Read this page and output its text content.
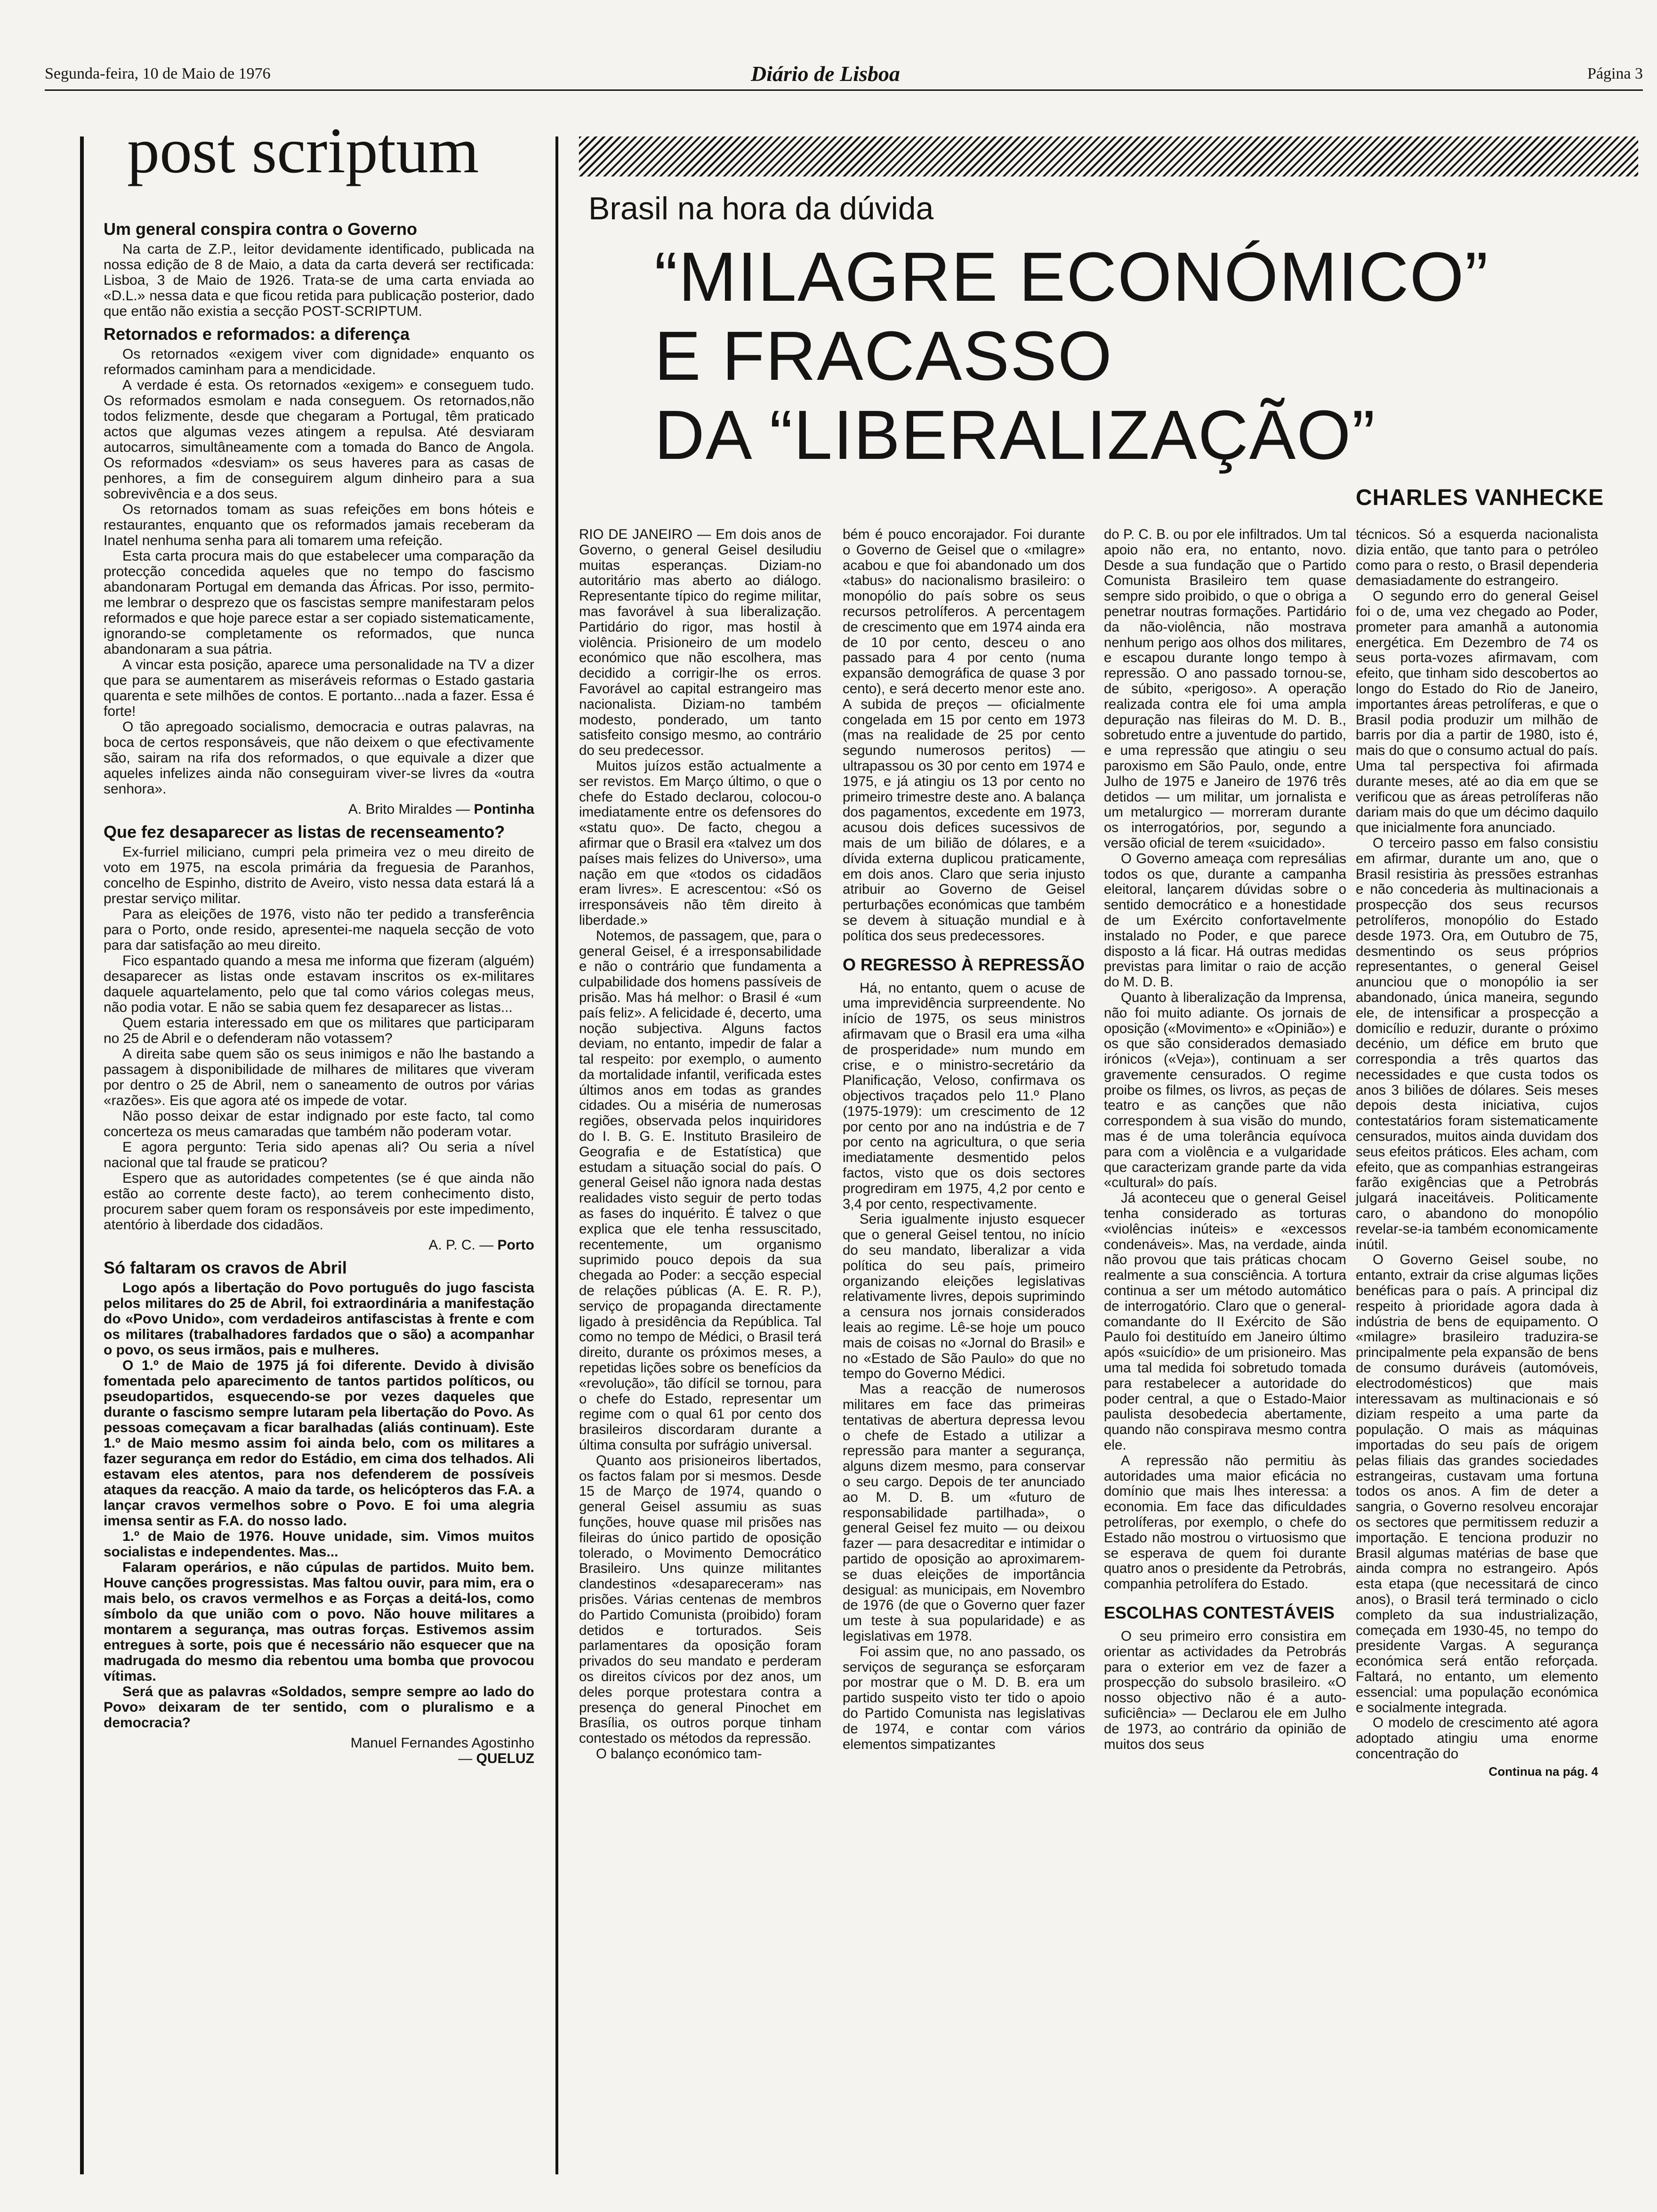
Segunda-feira, 10 de Maio de 1976	Diário de Lisboa	Página 3
post scriptum
Um general conspira contra o Governo

Na carta de Z.P., leitor devidamente identificado, publicada na nossa edição de 8 de Maio, a data da carta deverá ser rectificada: Lisboa, 3 de Maio de 1926. Trata-se de uma carta enviada ao «D.L.» nessa data e que ficou retida para publicação posterior, dado que então não existia a secção POST-SCRIPTUM.

Retornados e reformados: a diferença

Os retornados «exigem viver com dignidade» enquanto os reformados caminham para a mendicidade.

A verdade é esta. Os retornados «exigem» e conseguem tudo. Os reformados esmolam e nada conseguem. Os retornados,não todos felizmente, desde que chegaram a Portugal, têm praticado actos que algumas vezes atingem a repulsa. Até desviaram autocarros, simultâneamente com a tomada do Banco de Angola. Os reformados «desviam» os seus haveres para as casas de penhores, a fim de conseguirem algum dinheiro para a sua sobrevivência e a dos seus.

Os retornados tomam as suas refeições em bons hóteis e restaurantes, enquanto que os reformados jamais receberam da Inatel nenhuma senha para ali tomarem uma refeição.

Esta carta procura mais do que estabelecer uma comparação da protecção concedida aqueles que no tempo do fascismo abandonaram Portugal em demanda das Áfricas. Por isso, permito-me lembrar o desprezo que os fascistas sempre manifestaram pelos reformados e que hoje parece estar a ser copiado sistematicamente, ignorando-se completamente os reformados, que nunca abandonaram a sua pátria.

A vincar esta posição, aparece uma personalidade na TV a dizer que para se aumentarem as miseráveis reformas o Estado gastaria quarenta e sete milhões de contos. E portanto...nada a fazer. Essa é forte!

O tão apregoado socialismo, democracia e outras palavras, na boca de certos responsáveis, que não deixem o que efectivamente são, sairam na rifa dos reformados, o que equivale a dizer que aqueles infelizes ainda não conseguiram viver-se livres da «outra senhora».

A. Brito Miraldes — Pontinha
Que fez desaparecer as listas de recenseamento?

Ex-furriel miliciano, cumpri pela primeira vez o meu direito de voto em 1975, na escola primária da freguesia de Paranhos, concelho de Espinho, distrito de Aveiro, visto nessa data estará lá a prestar serviço militar.

Para as eleições de 1976, visto não ter pedido a transferência para o Porto, onde resido, apresentei-me naquela secção de voto para dar satisfação ao meu direito.

Fico espantado quando a mesa me informa que fizeram (alguém) desaparecer as listas onde estavam inscritos os ex-militares daquele aquartelamento, pelo que tal como vários colegas meus, não podia votar. E não se sabia quem fez desaparecer as listas...

Quem estaria interessado em que os militares que participaram no 25 de Abril e o defenderam não votassem?

A direita sabe quem são os seus inimigos e não lhe bastando a passagem à disponibilidade de milhares de militares que viveram por dentro o 25 de Abril, nem o saneamento de outros por várias «razões». Eis que agora até os impede de votar.

Não posso deixar de estar indignado por este facto, tal como concerteza os meus camaradas que também não poderam votar.

E agora pergunto: Teria sido apenas ali? Ou seria a nível nacional que tal fraude se praticou?

Espero que as autoridades competentes (se é que ainda não estão ao corrente deste facto), ao terem conhecimento disto, procurem saber quem foram os responsáveis por este impedimento, atentório à liberdade dos cidadãos.

A. P. C. — Porto
Só faltaram os cravos de Abril

Logo após a libertação do Povo português do jugo fascista pelos militares do 25 de Abril, foi extraordinária a manifestação do «Povo Unido», com verdadeiros antifascistas à frente e com os militares (trabalhadores fardados que o são) a acompanhar o povo, os seus irmãos, pais e mulheres.

O 1.º de Maio de 1975 já foi diferente. Devido à divisão fomentada pelo aparecimento de tantos partidos políticos, ou pseudopartidos, esquecendo-se por vezes daqueles que durante o fascismo sempre lutaram pela libertação do Povo. As pessoas começavam a ficar baralhadas (aliás continuam). Este 1.º de Maio mesmo assim foi ainda belo, com os militares a fazer segurança em redor do Estádio, em cima dos telhados. Ali estavam eles atentos, para nos defenderem de possíveis ataques da reacção. A maio da tarde, os helicópteros das F.A. a lançar cravos vermelhos sobre o Povo. E foi uma alegria imensa sentir as F.A. do nosso lado.

1.º de Maio de 1976. Houve unidade, sim. Vimos muitos socialistas e independentes. Mas...

Falaram operários, e não cúpulas de partidos. Muito bem. Houve canções progressistas. Mas faltou ouvir, para mim, era o mais belo, os cravos vermelhos e as Forças a deitá-los, como símbolo da que união com o povo. Não houve militares a montarem a segurança, mas outras forças. Estivemos assim entregues à sorte, pois que é necessário não esquecer que na madrugada do mesmo dia rebentou uma bomba que provocou vítimas.

Será que as palavras «Soldados, sempre sempre ao lado do Povo» deixaram de ter sentido, com o pluralismo e a democracia?

Manuel Fernandes Agostinho
— QUELUZ
Brasil na hora da dúvida
“MILAGRE ECONÓMICO”
E FRACASSO
DA “LIBERALIZAÇÃO”
CHARLES VANHECKE

RIO DE JANEIRO — Em dois anos de Governo, o general Geisel desiludiu muitas esperanças. Diziam-no autoritário mas aberto ao diálogo. Representante típico do regime militar, mas favorável à sua liberalização. Partidário do rigor, mas hostil à violência. Prisioneiro de um modelo económico que não escolhera, mas decidido a corrigir-lhe os erros. Favorável ao capital estrangeiro mas nacionalista. Diziam-no também modesto, ponderado, um tanto satisfeito consigo mesmo, ao contrário do seu predecessor.

Muitos juízos estão actualmente a ser revistos. Em Março último, o que o chefe do Estado declarou, colocou-o imediatamente entre os defensores do «statu quo». De facto, chegou a afirmar que o Brasil era «talvez um dos países mais felizes do Universo», uma nação em que «todos os cidadãos eram livres». E acrescentou: «Só os irresponsáveis não têm direito à liberdade.»

Notemos, de passagem, que, para o general Geisel, é a irresponsabilidade e não o contrário que fundamenta a culpabilidade dos homens passíveis de prisão. Mas há melhor: o Brasil é «um país feliz». A felicidade é, decerto, uma noção subjectiva. Alguns factos deviam, no entanto, impedir de falar a tal respeito: por exemplo, o aumento da mortalidade infantil, verificada estes últimos anos em todas as grandes cidades. Ou a miséria de numerosas regiões, observada pelos inquiridores do I. B. G. E. Instituto Brasileiro de Geografia e de Estatística) que estudam a situação social do país. O general Geisel não ignora nada destas realidades visto seguir de perto todas as fases do inquérito. É talvez o que explica que ele tenha ressuscitado, recentemente, um organismo suprimido pouco depois da sua chegada ao Poder: a secção especial de relações públicas (A. E. R. P.), serviço de propaganda directamente ligado à presidência da República. Tal como no tempo de Médici, o Brasil terá direito, durante os próximos meses, a repetidas lições sobre os benefícios da «revolução», tão difícil se tornou, para o chefe do Estado, representar um regime com o qual 61 por cento dos brasileiros discordaram durante a última consulta por sufrágio universal.

Quanto aos prisioneiros libertados, os factos falam por si mesmos. Desde 15 de Março de 1974, quando o general Geisel assumiu as suas funções, houve quase mil prisões nas fileiras do único partido de oposição tolerado, o Movimento Democrático Brasileiro. Uns quinze militantes clandestinos «desapareceram» nas prisões. Várias centenas de membros do Partido Comunista (proibido) foram detidos e torturados. Seis parlamentares da oposição foram privados do seu mandato e perderam os direitos cívicos por dez anos, um deles porque protestara contra a presença do general Pinochet em Brasília, os outros porque tinham contestado os métodos da repressão.

O balanço económico tam-

bém é pouco encorajador. Foi durante o Governo de Geisel que o «milagre» acabou e que foi abandonado um dos «tabus» do nacionalismo brasileiro: o monopólio do país sobre os seus recursos petrolíferos. A percentagem de crescimento que em 1974 ainda era de 10 por cento, desceu o ano passado para 4 por cento (numa expansão demográfica de quase 3 por cento), e será decerto menor este ano. A subida de preços — oficialmente congelada em 15 por cento em 1973 (mas na realidade de 25 por cento segundo numerosos peritos) — ultrapassou os 30 por cento em 1974 e 1975, e já atingiu os 13 por cento no primeiro trimestre deste ano. A balança dos pagamentos, excedente em 1973, acusou dois defices sucessivos de mais de um bilião de dólares, e a dívida externa duplicou praticamente, em dois anos. Claro que seria injusto atribuir ao Governo de Geisel perturbações económicas que também se devem à situação mundial e à política dos seus predecessores.

O REGRESSO À REPRESSÃO

Há, no entanto, quem o acuse de uma imprevidência surpreendente. No início de 1975, os seus ministros afirmavam que o Brasil era uma «ilha de prosperidade» num mundo em crise, e o ministro-secretário da Planificação, Veloso, confirmava os objectivos traçados pelo 11.º Plano (1975-1979): um crescimento de 12 por cento por ano na indústria e de 7 por cento na agricultura, o que seria imediatamente desmentido pelos factos, visto que os dois sectores progrediram em 1975, 4,2 por cento e 3,4 por cento, respectivamente.

Seria igualmente injusto esquecer que o general Geisel tentou, no início do seu mandato, liberalizar a vida política do seu país, primeiro organizando eleições legislativas relativamente livres, depois suprimindo a censura nos jornais considerados leais ao regime. Lê-se hoje um pouco mais de coisas no «Jornal do Brasil» e no «Estado de São Paulo» do que no tempo do Governo Médici.

Mas a reacção de numerosos militares em face das primeiras tentativas de abertura depressa levou o chefe de Estado a utilizar a repressão para manter a segurança, alguns dizem mesmo, para conservar o seu cargo. Depois de ter anunciado ao M. D. B. um «futuro de responsabilidade partilhada», o general Geisel fez muito — ou deixou fazer — para desacreditar e intimidar o partido de oposição ao aproximarem-se duas eleições de importância desigual: as municipais, em Novembro de 1976 (de que o Governo quer fazer um teste à sua popularidade) e as legislativas em 1978.

Foi assim que, no ano passado, os serviços de segurança se esforçaram por mostrar que o M. D. B. era um partido suspeito visto ter tido o apoio do Partido Comunista nas legislativas de 1974, e contar com vários elementos simpatizantes

do P. C. B. ou por ele infiltrados. Um tal apoio não era, no entanto, novo. Desde a sua fundação que o Partido Comunista Brasileiro tem quase sempre sido proibido, o que o obriga a penetrar noutras formações. Partidário da não-violência, não mostrava nenhum perigo aos olhos dos militares, e escapou durante longo tempo à repressão. O ano passado tornou-se, de súbito, «perigoso». A operação realizada contra ele foi uma ampla depuração nas fileiras do M. D. B., sobretudo entre a juventude do partido, e uma repressão que atingiu o seu paroxismo em São Paulo, onde, entre Julho de 1975 e Janeiro de 1976 três detidos — um militar, um jornalista e um metalurgico — morreram durante os interrogatórios, por, segundo a versão oficial de terem «suicidado».

O Governo ameaça com represálias todos os que, durante a campanha eleitoral, lançarem dúvidas sobre o sentido democrático e a honestidade de um Exército confortavelmente instalado no Poder, e que parece disposto a lá ficar. Há outras medidas previstas para limitar o raio de acção do M. D. B.

Quanto à liberalização da Imprensa, não foi muito adiante. Os jornais de oposição («Movimento» e «Opinião») e os que são considerados demasiado irónicos («Veja»), continuam a ser gravemente censurados. O regime proibe os filmes, os livros, as peças de teatro e as canções que não correspondem à sua visão do mundo, mas é de uma tolerância equívoca para com a violência e a vulgaridade que caracterizam grande parte da vida «cultural» do país.

Já aconteceu que o general Geisel tenha considerado as torturas «violências inúteis» e «excessos condenáveis». Mas, na verdade, ainda não provou que tais práticas chocam realmente a sua consciência. A tortura continua a ser um método automático de interrogatório. Claro que o general-comandante do II Exército de São Paulo foi destituído em Janeiro último após «suicídio» de um prisioneiro. Mas uma tal medida foi sobretudo tomada para restabelecer a autoridade do poder central, a que o Estado-Maior paulista desobedecia abertamente, quando não conspirava mesmo contra ele.

A repressão não permitiu às autoridades uma maior eficácia no domínio que mais lhes interessa: a economia. Em face das dificuldades petrolíferas, por exemplo, o chefe do Estado não mostrou o virtuosismo que se esperava de quem foi durante quatro anos o presidente da Petrobrás, companhia petrolífera do Estado.

ESCOLHAS CONTESTÁVEIS

O seu primeiro erro consistira em orientar as actividades da Petrobrás para o exterior em vez de fazer a prospecção do subsolo brasileiro. «O nosso objectivo não é a auto-suficiência» — Declarou ele em Julho de 1973, ao contrário da opinião de muitos dos seus

técnicos. Só a esquerda nacionalista dizia então, que tanto para o petróleo como para o resto, o Brasil dependeria demasiadamente do estrangeiro.

O segundo erro do general Geisel foi o de, uma vez chegado ao Poder, prometer para amanhã a autonomia energética. Em Dezembro de 74 os seus porta-vozes afirmavam, com efeito, que tinham sido descobertos ao longo do Estado do Rio de Janeiro, importantes áreas petrolíferas, e que o Brasil podia produzir um milhão de barris por dia a partir de 1980, isto é, mais do que o consumo actual do país. Uma tal perspectiva foi afirmada durante meses, até ao dia em que se verificou que as áreas petrolíferas não dariam mais do que um décimo daquilo que inicialmente fora anunciado.

O terceiro passo em falso consistiu em afirmar, durante um ano, que o Brasil resistiria às pressões estranhas e não concederia às multinacionais a prospecção dos seus recursos petrolíferos, monopólio do Estado desde 1973. Ora, em Outubro de 75, desmentindo os seus próprios representantes, o general Geisel anunciou que o monopólio ia ser abandonado, única maneira, segundo ele, de intensificar a prospecção a domicílio e reduzir, durante o próximo decénio, um défice em bruto que correspondia a três quartos das necessidades e que custa todos os anos 3 biliões de dólares. Seis meses depois desta iniciativa, cujos contestatários foram sistematicamente censurados, muitos ainda duvidam dos seus efeitos práticos. Eles acham, com efeito, que as companhias estrangeiras farão exigências que a Petrobrás julgará inaceitáveis. Politicamente caro, o abandono do monopólio revelar-se-ia também economicamente inútil.

O Governo Geisel soube, no entanto, extrair da crise algumas lições benéficas para o país. A principal diz respeito à prioridade agora dada à indústria de bens de equipamento. O «milagre» brasileiro traduzira-se principalmente pela expansão de bens de consumo duráveis (automóveis, electrodomésticos) que mais interessavam as multinacionais e só diziam respeito a uma parte da população. O mais as máquinas importadas do seu país de origem pelas filiais das grandes sociedades estrangeiras, custavam uma fortuna todos os anos. A fim de deter a sangria, o Governo resolveu encorajar os sectores que permitissem reduzir a importação. E tenciona produzir no Brasil algumas matérias de base que ainda compra no estrangeiro. Após esta etapa (que necessitará de cinco anos), o Brasil terá terminado o ciclo completo da sua industrialização, começada em 1930-45, no tempo do presidente Vargas. A segurança económica será então reforçada. Faltará, no entanto, um elemento essencial: uma população económica e socialmente integrada.

O modelo de crescimento até agora adoptado atingiu uma enorme concentração do

Continua na pág. 4
